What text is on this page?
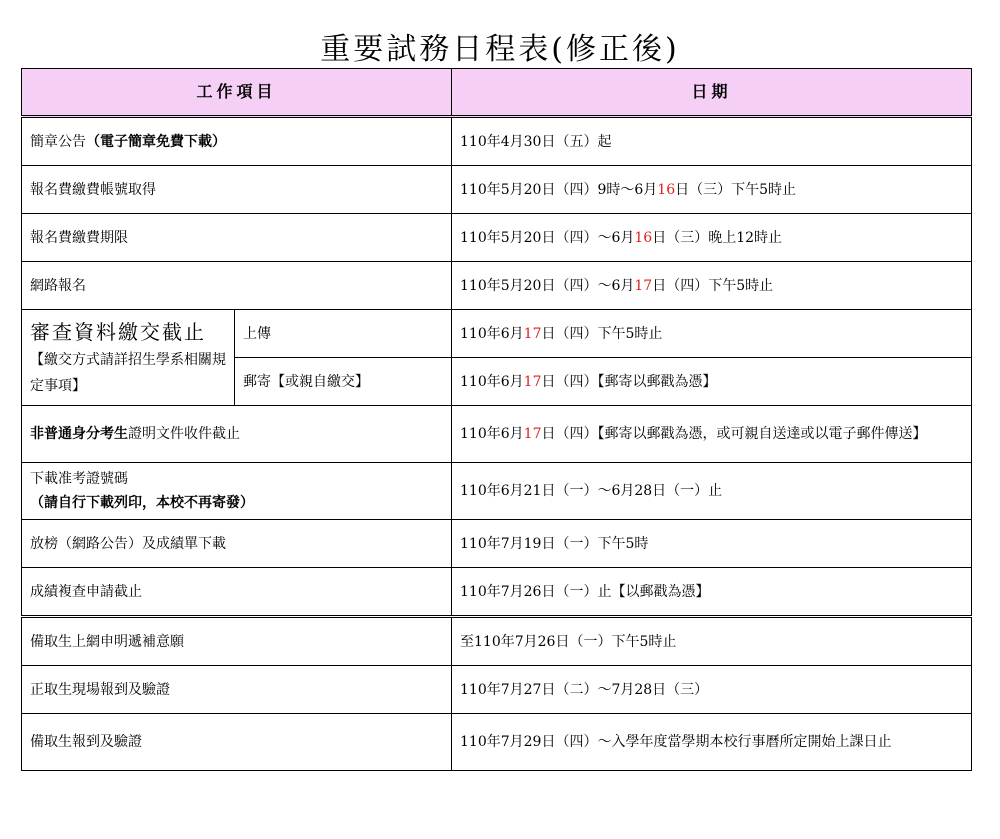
重要試務日程表(修正後)
工作項目		日期
簡章公告（電子簡章免費下載）		110年4月30日（五）起
報名費繳費帳號取得		110年5月20日（四）9時～6月16日（三）下午5時止
報名費繳費期限		110年5月20日（四）～6月16日（三）晚上12時止
網路報名		110年5月20日（四）～6月17日（四）下午5時止

審查資料繳交截止
【繳交方式請詳招生學系相關規定事項】	上傳	110年6月17日（四）下午5時止
	郵寄【或親自繳交】	110年6月17日（四）【郵寄以郵戳為憑】
非普通身分考生證明文件收件截止		110年6月17日（四）【郵寄以郵戳為憑，或可親自送達或以電子郵件傳送】

下載准考證號碼
（請自行下載列印，本校不再寄發）		110年6月21日（一）～6月28日（一）止
放榜（網路公告）及成績單下載		110年7月19日（一）下午5時
成績複查申請截止		110年7月26日（一）止【以郵戳為憑】
備取生上網申明遞補意願		至110年7月26日（一）下午5時止
正取生現場報到及驗證		110年7月27日（二）～7月28日（三）
備取生報到及驗證		110年7月29日（四）～入學年度當學期本校行事曆所定開始上課日止
